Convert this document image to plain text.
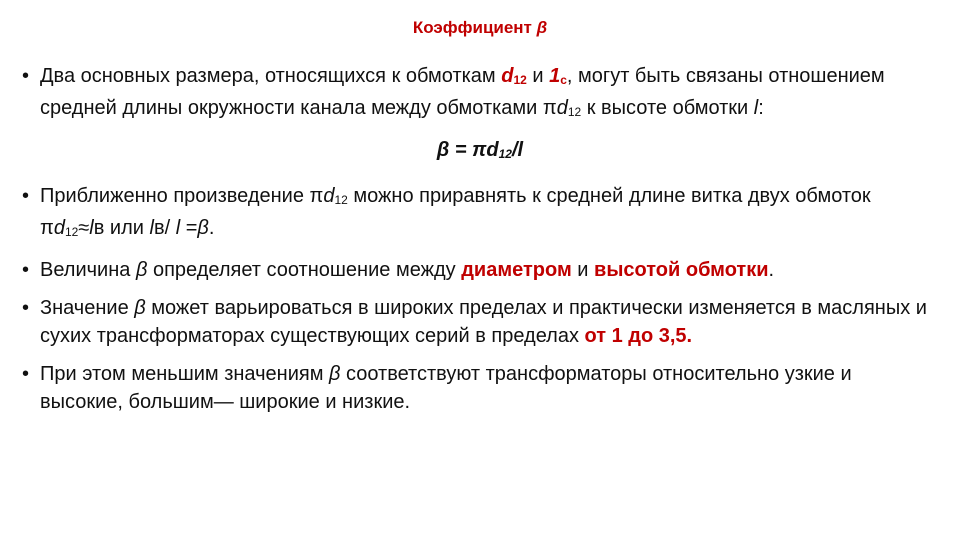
Коэффициент β
• Два основных размера, относящихся к обмоткам d12 и 1с, могут быть связаны отношением средней длины окружности канала между обмотками πd12 к высоте обмотки l:
β = πd12/l
• Приближенно произведение πd12 можно приравнять к средней длине витка двух обмоток πd12≈lв или lв/ l =β.
• Величина β определяет соотношение между диаметром и высотой обмотки.
• Значение β может варьироваться в широких пределах и практически изменяется в масляных и сухих трансформаторах существующих серий в пределах от 1 до 3,5.
• При этом меньшим значениям β соответствуют трансформаторы относительно узкие и высокие, большим— широкие и низкие.
